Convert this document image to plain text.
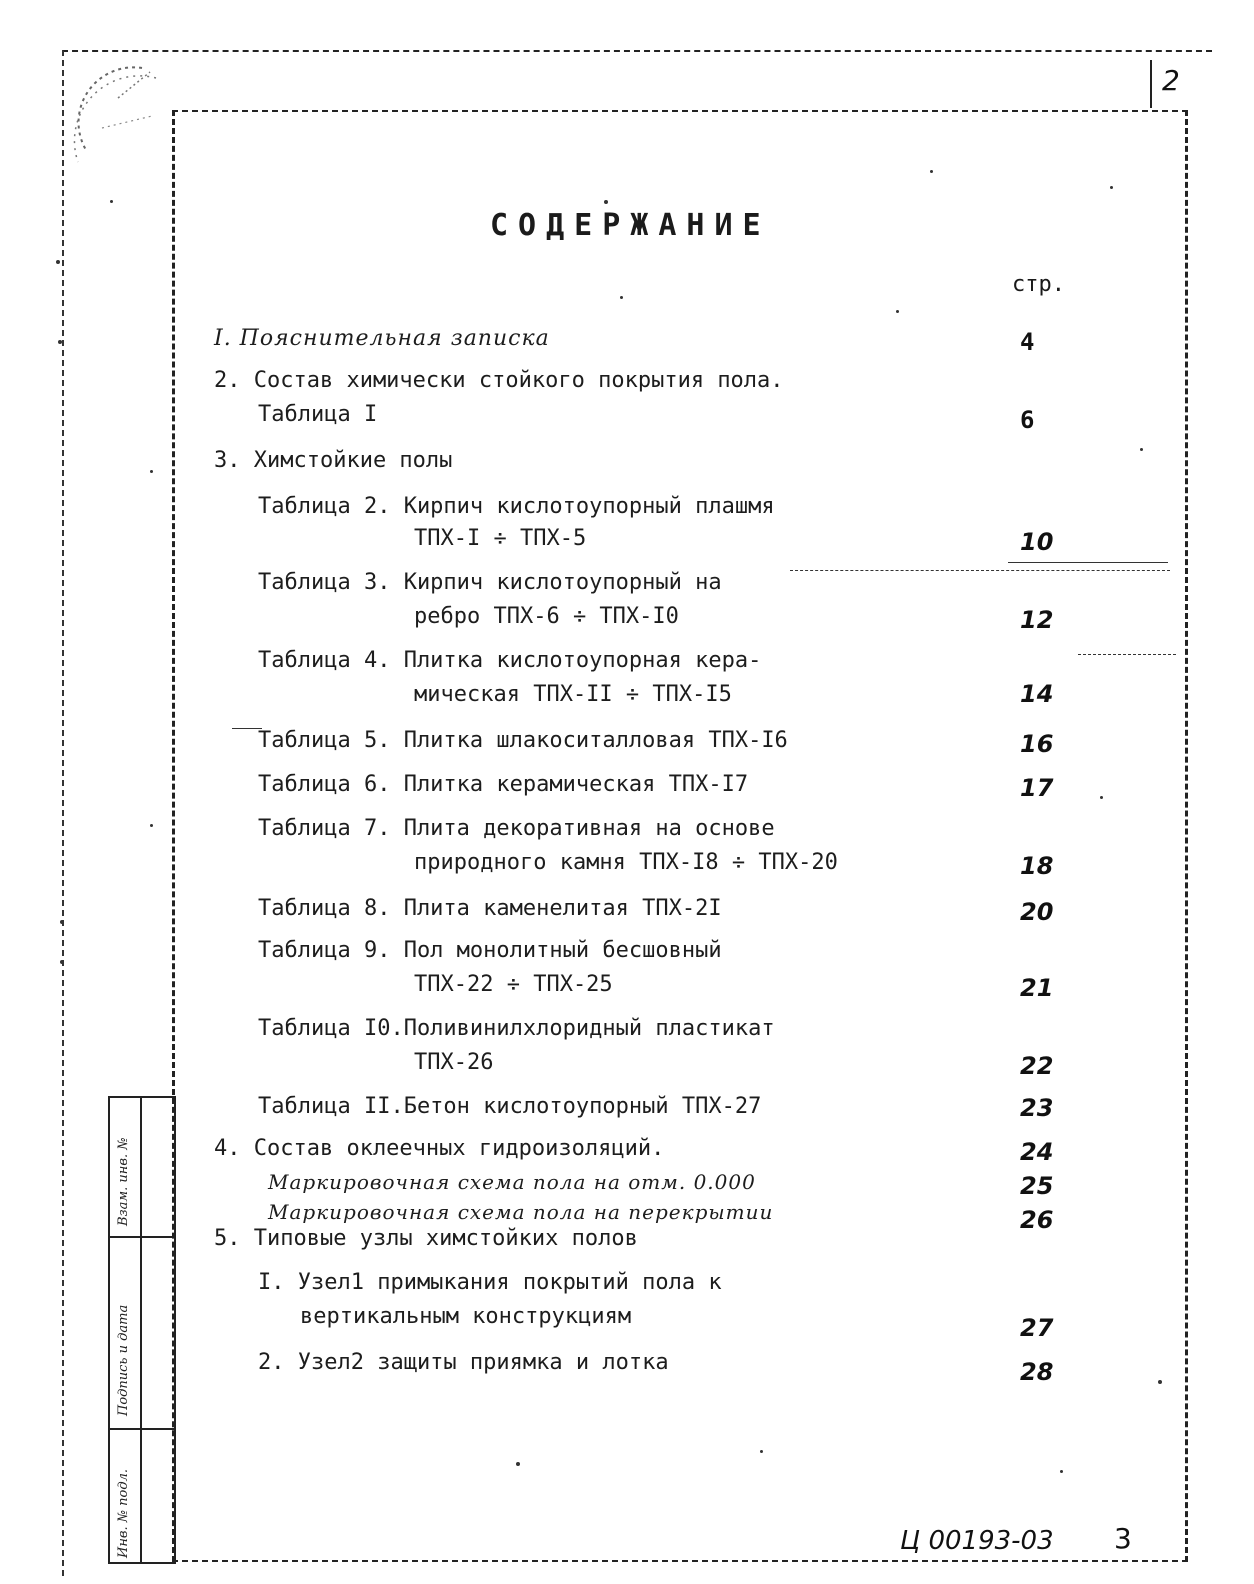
2
СОДЕРЖАНИЕ
стр.
I. Пояснительная записка	4
2. Состав химически стойкого покрытия пола.
Таблица I	6
3. Химстойкие полы
Таблица 2. Кирпич кислотоупорный плашмя
ТПХ-I ÷ ТПХ-5	10
Таблица 3. Кирпич кислотоупорный на
ребро ТПХ-6 ÷ ТПХ-I0	12
Таблица 4. Плитка кислотоупорная кера-
мическая ТПХ-II ÷ ТПХ-I5	14
Таблица 5. Плитка шлакоситалловая ТПХ-I6	16
Таблица 6. Плитка керамическая ТПХ-I7	17
Таблица 7. Плита декоративная на основе
природного камня ТПХ-I8 ÷ ТПХ-20	18
Таблица 8. Плита каменелитая ТПХ-2I	20
Таблица 9. Пол монолитный бесшовный
ТПХ-22 ÷ ТПХ-25	21
Таблица I0.Поливинилхлоридный пластикат
ТПХ-26	22
Таблица II.Бетон кислотоупорный ТПХ-27	23
4. Состав оклеечных гидроизоляций.	24
Маркировочная схема пола на отм. 0.000	25
Маркировочная схема пола на перекрытии	26
5. Типовые узлы химстойких полов
I. Узел1 примыкания покрытий пола к
вертикальным конструкциям	27
2. Узел2 защиты приямка и лотка	28
Взам. инв. №
Подпись и дата
Инв. № подл.	Ц 00193-03 3
